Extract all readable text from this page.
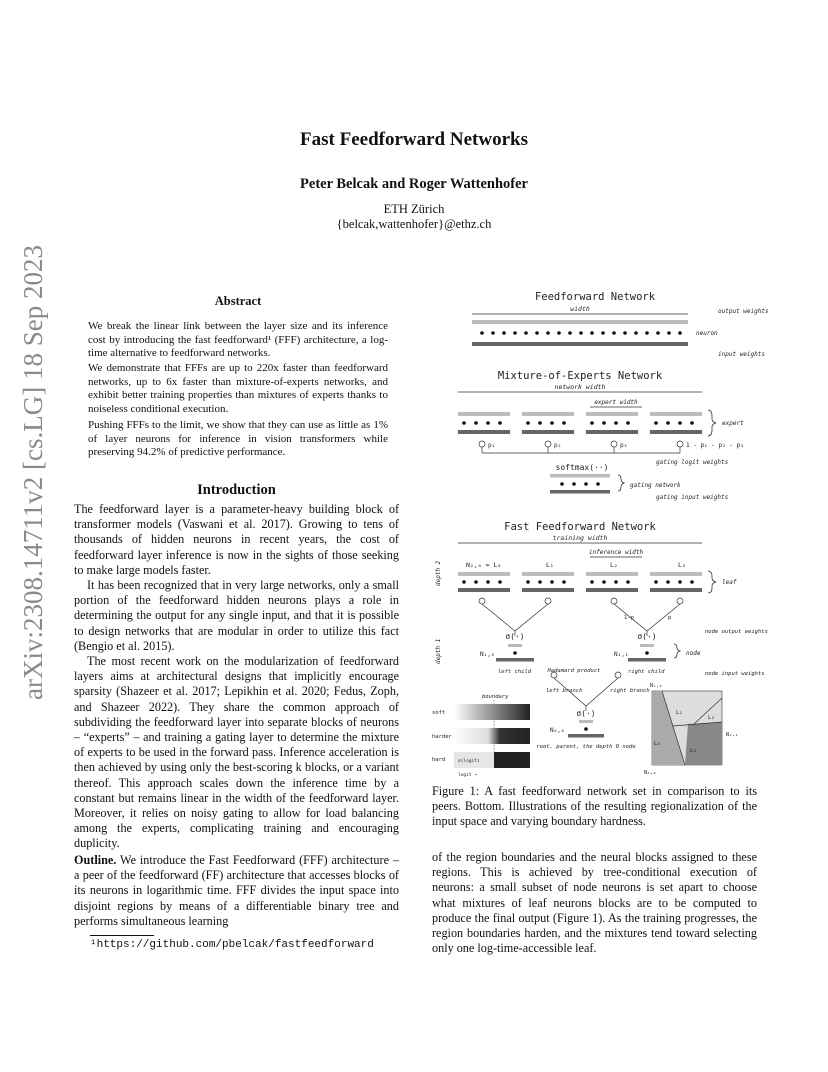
Fast Feedforward Networks
Peter Belcak and Roger Wattenhofer
ETH Zürich
{belcak,wattenhofer}@ethz.ch
arXiv:2308.14711v2 [cs.LG] 18 Sep 2023	Abstract
We break the linear link between the layer size and its inference cost by introducing the fast feedforward¹ (FFF) architecture, a log-time alternative to feedforward networks.
We demonstrate that FFFs are up to 220x faster than feedforward networks, up to 6x faster than mixture-of-experts networks, and exhibit better training properties than mixtures of experts thanks to noiseless conditional execution.
Pushing FFFs to the limit, we show that they can use as little as 1% of layer neurons for inference in vision transformers while preserving 94.2% of predictive performance.
Introduction
The feedforward layer is a parameter-heavy building block of transformer models (Vaswani et al. 2017). Growing to tens of thousands of hidden neurons in recent years, the cost of feedforward layer inference is now in the sights of those seeking to make large models faster.
It has been recognized that in very large networks, only a small portion of the feedforward hidden neurons plays a role in determining the output for any single input, and that it is possible to design networks that are modular in order to utilize this fact (Bengio et al. 2015).
The most recent work on the modularization of feedforward layers aims at architectural designs that implicitly encourage sparsity (Shazeer et al. 2017; Lepikhin et al. 2020; Fedus, Zoph, and Shazeer 2022). They share the common approach of subdividing the feedforward layer into separate blocks of neurons – “experts” – and training a gating layer to determine the mixture of experts to be used in the forward pass. Inference acceleration is then achieved by using only the best-scoring k blocks, or a variant thereof. This approach scales down the inference time by a constant but remains linear in the width of the feedforward layer. Moreover, it relies on noisy gating to allow for load balancing among the experts, complicating training and encouraging duplicity.
Outline. We introduce the Fast Feedforward (FFF) architecture – a peer of the feedforward (FF) architecture that accesses blocks of its neurons in logarithmic time. FFF divides the input space into disjoint regions by means of a differentiable binary tree and performs simultaneous learning
¹https://github.com/pbelcak/fastfeedforward
Feedforward Network
width	output weights
neuron
input weights
Mixture-of-Experts Network
network width
expert width
expert
p₁	p₂	p₃	1 - p₁ - p₂ - p₃
softmax(··)
gating logit weights
gating network
gating input weights
Fast Feedforward Network
training width
inference width
depth 2
depth 1
N₂,₀ = L₀	L₁	L₂	L₃
leaf
1-p	p
σ(·)	σ(·)
N₁,₀	N₁,₁	node
node output weights
node input weights
left child	right child
Hadamard product
left branch	right branch
σ(·)
N₀,₀
root, parent, the depth 0 node
boundary
soft
harder
hard	σ(logit)
logit →
N₁,₀
N₁,₁
N₀,₀
L₀
L₁
L₂
L₃
Figure 1: A fast feedforward network set in comparison to its peers. Bottom. Illustrations of the resulting regionalization of the input space and varying boundary hardness.
of the region boundaries and the neural blocks assigned to these regions. This is achieved by tree-conditional execution of neurons: a small subset of node neurons is set apart to choose what mixtures of leaf neurons blocks are to be computed to produce the final output (Figure 1). As the training progresses, the region boundaries harden, and the mixtures tend toward selecting only one log-time-accessible leaf.
